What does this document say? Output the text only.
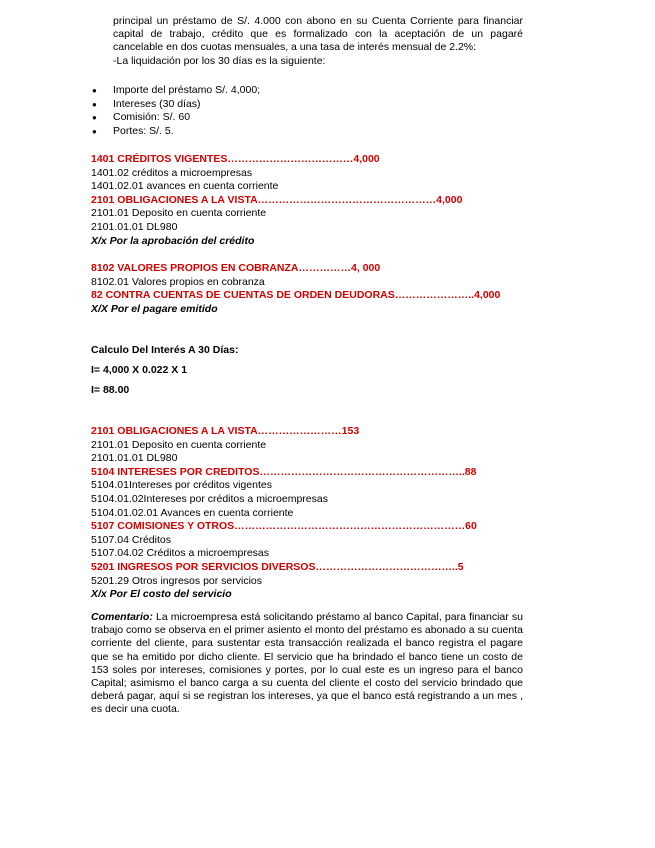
principal un préstamo de S/. 4.000 con abono en su Cuenta Corriente para financiar capital de trabajo, crédito que es formalizado con la aceptación de un pagaré cancelable en dos cuotas mensuales, a una tasa de interés mensual de 2.2%:

-La liquidación por los 30 días es la siguiente:

● Importe del préstamo S/. 4,000;
● Intereses (30 días)
● Comisión: S/. 60
● Portes: S/. 5.
1401 CRÉDITOS VIGENTES………………………………4,000
1401.02 créditos a microempresas
1401.02.01 avances en cuenta corriente
2101 OBLIGACIONES A LA VISTA……………………………………………4,000
2101.01 Deposito en cuenta corriente
2101.01.01 DL980
X/x Por la aprobación del crédito
8102 VALORES PROPIOS EN COBRANZA……………4, 000
8102.01 Valores propios en cobranza
82 CONTRA CUENTAS DE CUENTAS DE ORDEN DEUDORAS…………………..4,000
X/X Por el pagare emitido
Calculo Del Interés A 30 Días:
I= 4,000 X 0.022 X 1
I= 88.00
2101 OBLIGACIONES A LA VISTA……………………153
2101.01 Deposito en cuenta corriente
2101.01.01 DL980
5104 INTERESES POR CREDITOS…………………………………………………..88
5104.01Intereses por créditos vigentes
5104.01.02Intereses por créditos a microempresas
5104.01.02.01 Avances en cuenta corriente
5107 COMISIONES Y OTROS…………………………………………………………60
5107.04 Créditos
5107.04.02 Créditos a microempresas
5201 INGRESOS POR SERVICIOS DIVERSOS…………………………………..5
5201.29 Otros ingresos por servicios
X/x Por El costo del servicio

Comentario: La microempresa está solicitando préstamo al banco Capital, para financiar su trabajo como se observa en el primer asiento el monto del préstamo es abonado a su cuenta corriente del cliente, para sustentar esta transacción realizada el banco registra el pagare que se ha emitido por dicho cliente. El servicio que ha brindado el banco tiene un costo de 153 soles por intereses, comisiones y portes, por lo cual este es un ingreso para el banco Capital; asimismo el banco carga a su cuenta del cliente el costo del servicio brindado que deberá pagar, aquí si se registran los intereses, ya que el banco está registrando a un mes , es decir una cuota.
